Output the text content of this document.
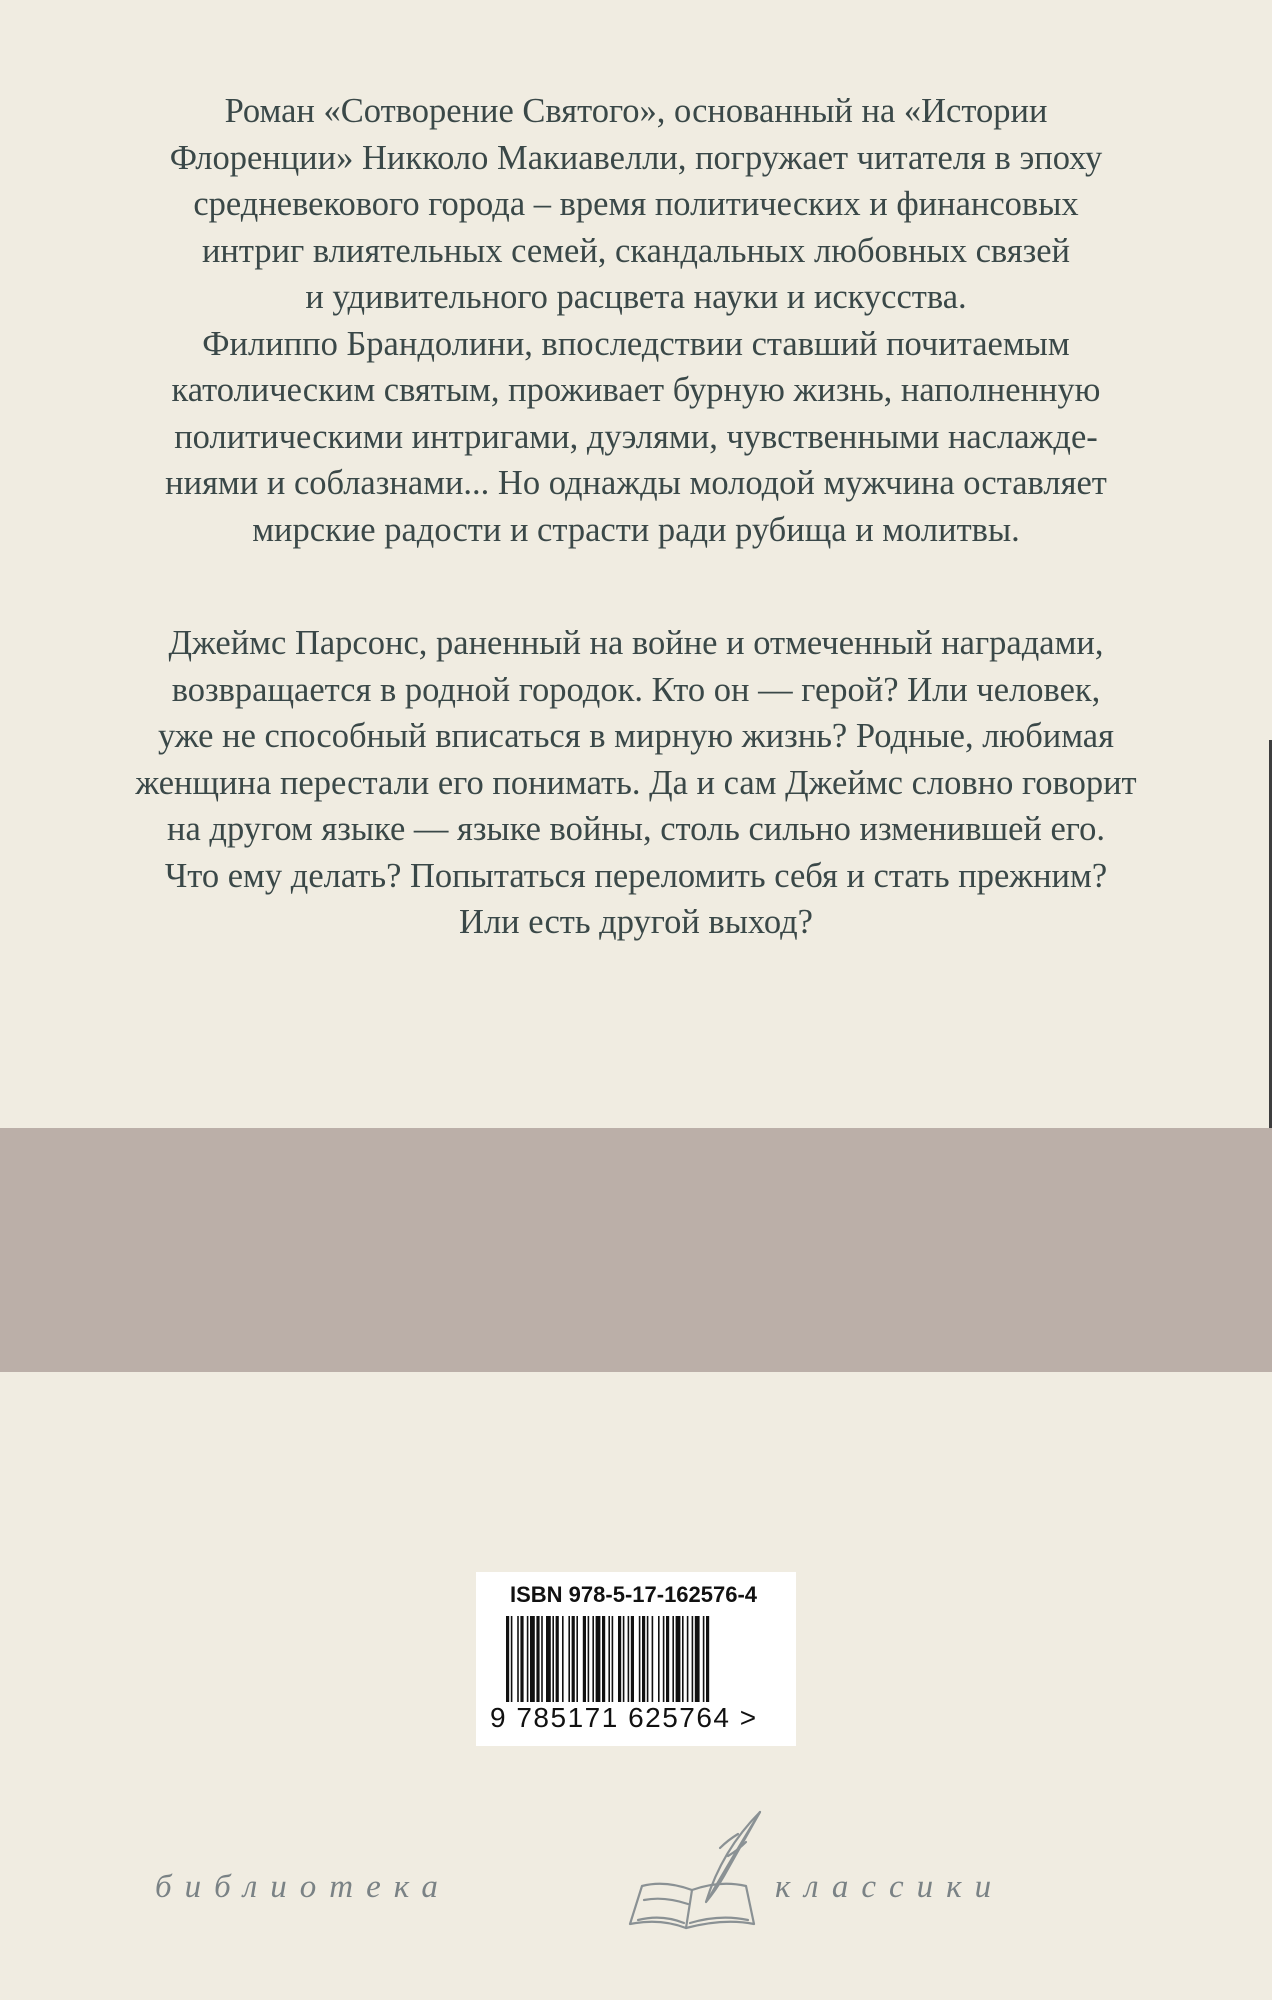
Роман «Сотворение Святого», основанный на «Истории
Флоренции» Никколо Макиавелли, погружает читателя в эпоху
средневекового города – время политических и финансовых
интриг влиятельных семей, скандальных любовных связей
и удивительного расцвета науки и искусства.
Филиппо Брандолини, впоследствии ставший почитаемым
католическим святым, проживает бурную жизнь, наполненную
политическими интригами, дуэлями, чувственными наслажде-
ниями и соблазнами... Но однажды молодой мужчина оставляет
мирские радости и страсти ради рубища и молитвы.
Джеймс Парсонс, раненный на войне и отмеченный наградами,
возвращается в родной городок. Кто он — герой? Или человек,
уже не способный вписаться в мирную жизнь? Родные, любимая
женщина перестали его понимать. Да и сам Джеймс словно говорит
на другом языке — языке войны, столь сильно изменившей его.
Что ему делать? Попытаться переломить себя и стать прежним?
Или есть другой выход?
ISBN 978-5-17-162576-4
9 785171 625764 >
библиотека	классики
